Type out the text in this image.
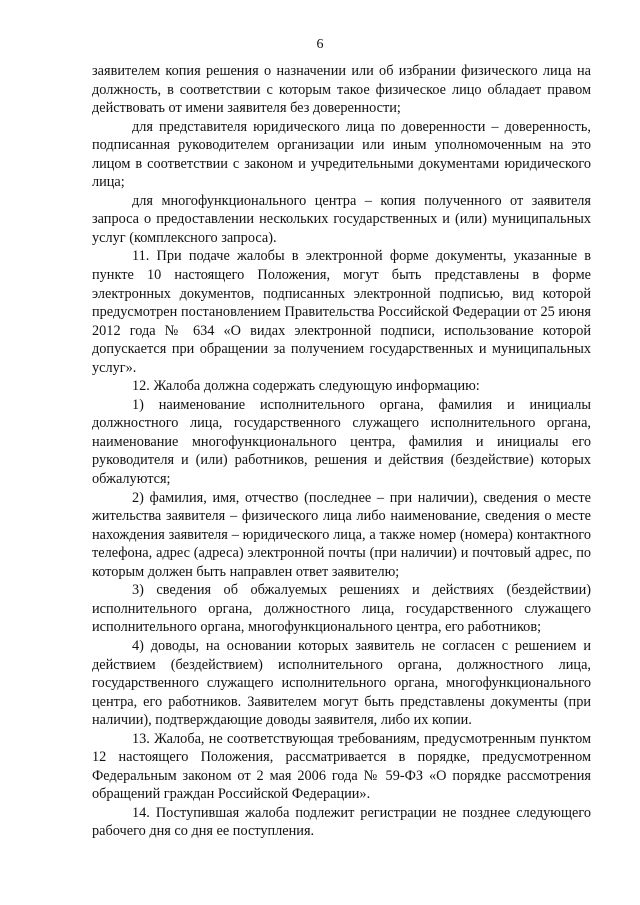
6

заявителем копия решения о назначении или об избрании физического лица на должность, в соответствии с которым такое физическое лицо обладает правом действовать от имени заявителя без доверенности;

для представителя юридического лица по доверенности – доверенность, подписанная руководителем организации или иным уполномоченным на это лицом в соответствии с законом и учредительными документами юридического лица;

для многофункционального центра – копия полученного от заявителя запроса о предоставлении нескольких государственных и (или) муниципальных услуг (комплексного запроса).

11. При подаче жалобы в электронной форме документы, указанные в пункте 10 настоящего Положения, могут быть представлены в форме электронных документов, подписанных электронной подписью, вид которой предусмотрен постановлением Правительства Российской Федерации от 25 июня 2012 года № 634 «О видах электронной подписи, использование которой допускается при обращении за получением государственных и муниципальных услуг».

12. Жалоба должна содержать следующую информацию:

1) наименование исполнительного органа, фамилия и инициалы должностного лица, государственного служащего исполнительного органа, наименование многофункционального центра, фамилия и инициалы его руководителя и (или) работников, решения и действия (бездействие) которых обжалуются;

2) фамилия, имя, отчество (последнее – при наличии), сведения о месте жительства заявителя – физического лица либо наименование, сведения о месте нахождения заявителя – юридического лица, а также номер (номера) контактного телефона, адрес (адреса) электронной почты (при наличии) и почтовый адрес, по которым должен быть направлен ответ заявителю;

3) сведения об обжалуемых решениях и действиях (бездействии) исполнительного органа, должностного лица, государственного служащего исполнительного органа, многофункционального центра, его работников;

4) доводы, на основании которых заявитель не согласен с решением и действием (бездействием) исполнительного органа, должностного лица, государственного служащего исполнительного органа, многофункционального центра, его работников. Заявителем могут быть представлены документы (при наличии), подтверждающие доводы заявителя, либо их копии.

13. Жалоба, не соответствующая требованиям, предусмотренным пунктом 12 настоящего Положения, рассматривается в порядке, предусмотренном Федеральным законом от 2 мая 2006 года № 59-ФЗ «О порядке рассмотрения обращений граждан Российской Федерации».

14. Поступившая жалоба подлежит регистрации не позднее следующего рабочего дня со дня ее поступления.
